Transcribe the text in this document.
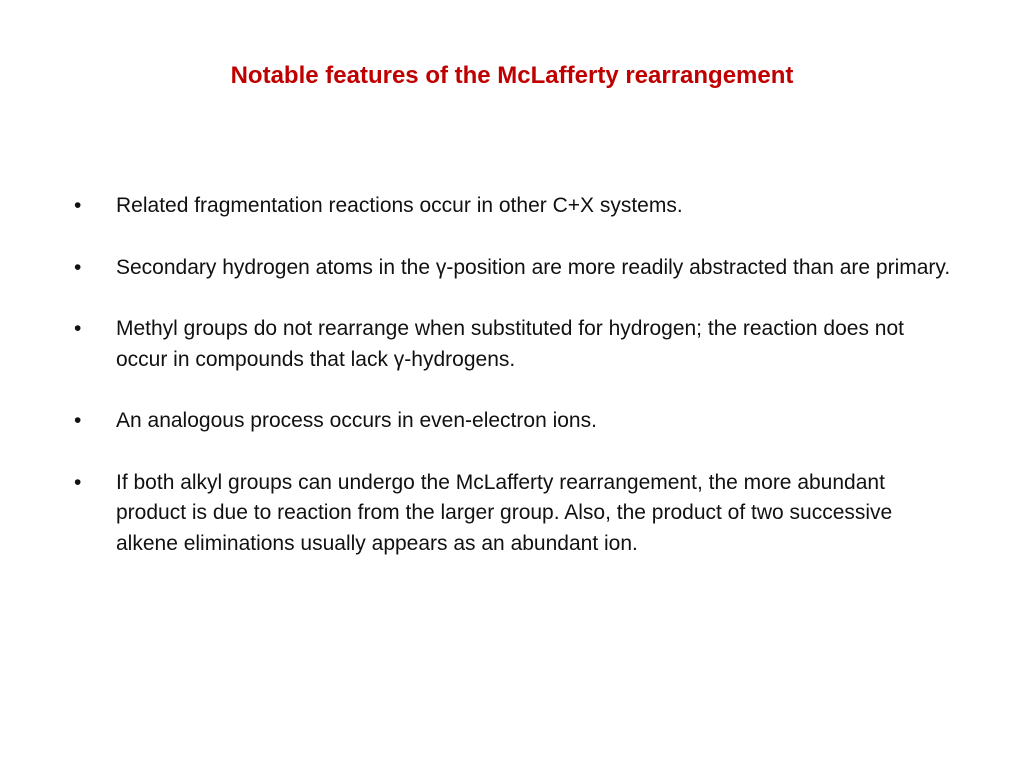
Notable features of the McLafferty rearrangement
•	Related fragmentation reactions occur in other C+X systems.
•	Secondary hydrogen atoms in the γ-position are more readily abstracted than are primary.
•	Methyl groups do not rearrange when substituted for hydrogen; the reaction does not occur in compounds that lack γ-hydrogens.
•	An analogous process occurs in even-electron ions.
•	If both alkyl groups can undergo the McLafferty rearrangement, the more abundant product is due to reaction from the larger group. Also, the product of two successive alkene eliminations usually appears as an abundant ion.
